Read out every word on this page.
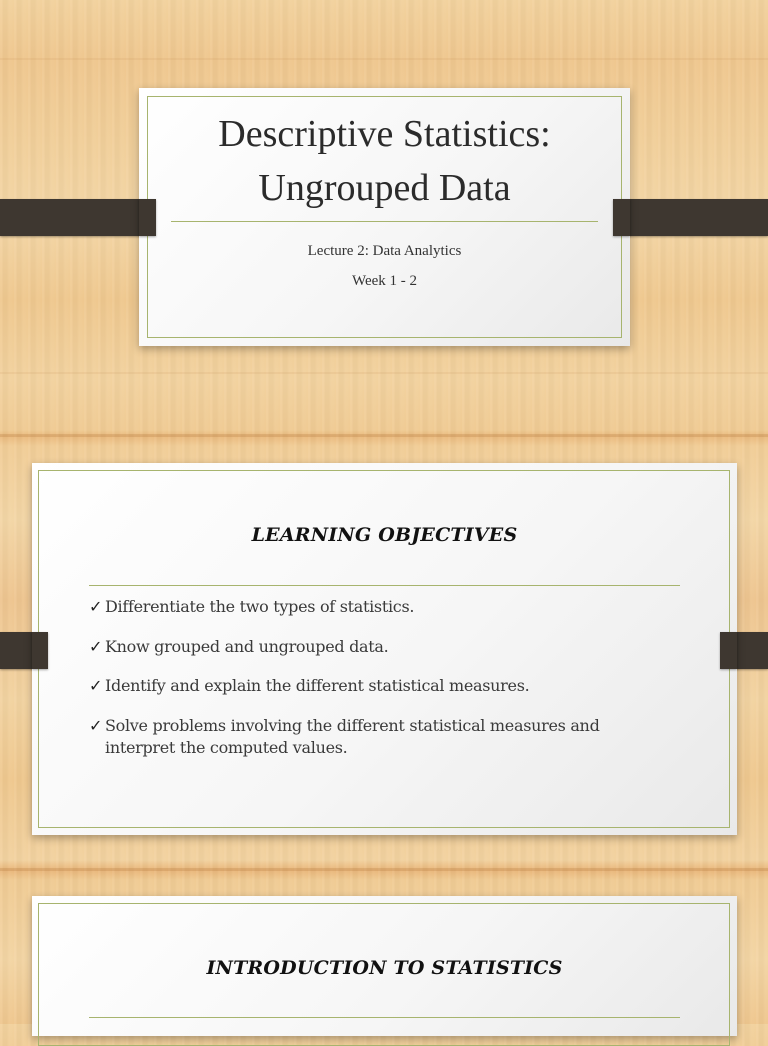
Descriptive Statistics:
Ungrouped Data
Lecture 2: Data Analytics
Week 1 - 2
LEARNING OBJECTIVES
✓ Differentiate the two types of statistics.
✓ Know grouped and ungrouped data.
✓ Identify and explain the different statistical measures.
✓ Solve problems involving the different statistical measures and interpret the computed values.
INTRODUCTION TO STATISTICS
